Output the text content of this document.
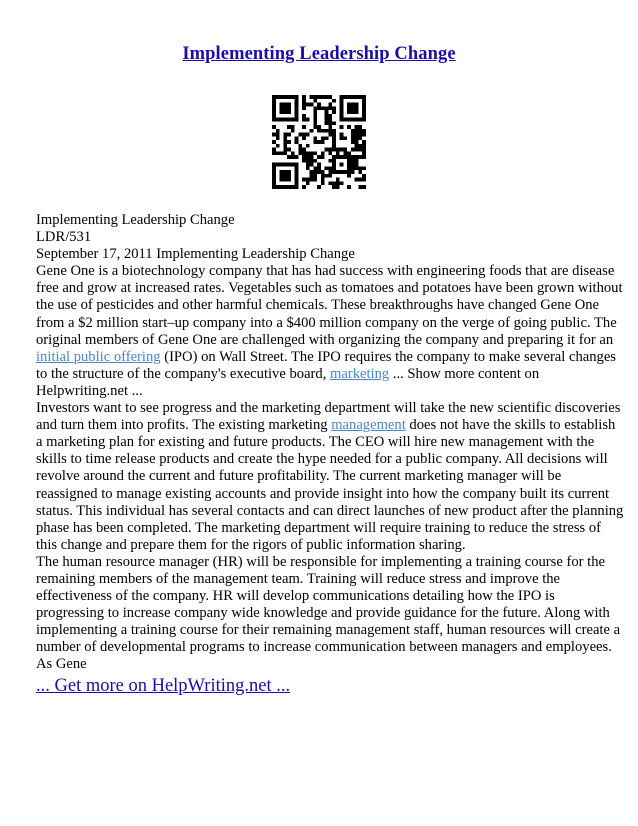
Implementing Leadership Change
Implementing Leadership Change
LDR/531
September 17, 2011 Implementing Leadership Change
Gene One is a biotechnology company that has had success with engineering foods that are disease
free and grow at increased rates. Vegetables such as tomatoes and potatoes have been grown without
the use of pesticides and other harmful chemicals. These breakthroughs have changed Gene One
from a $2 million start–up company into a $400 million company on the verge of going public. The
original members of Gene One are challenged with organizing the company and preparing it for an
initial public offering (IPO) on Wall Street. The IPO requires the company to make several changes
to the structure of the company's executive board, marketing ... Show more content on
Helpwriting.net ...
Investors want to see progress and the marketing department will take the new scientific discoveries
and turn them into profits. The existing marketing management does not have the skills to establish
a marketing plan for existing and future products. The CEO will hire new management with the
skills to time release products and create the hype needed for a public company. All decisions will
revolve around the current and future profitability. The current marketing manager will be
reassigned to manage existing accounts and provide insight into how the company built its current
status. This individual has several contacts and can direct launches of new product after the planning
phase has been completed. The marketing department will require training to reduce the stress of
this change and prepare them for the rigors of public information sharing.
The human resource manager (HR) will be responsible for implementing a training course for the
remaining members of the management team. Training will reduce stress and improve the
effectiveness of the company. HR will develop communications detailing how the IPO is
progressing to increase company wide knowledge and provide guidance for the future. Along with
implementing a training course for their remaining management staff, human resources will create a
number of developmental programs to increase communication between managers and employees.
As Gene
... Get more on HelpWriting.net ...
